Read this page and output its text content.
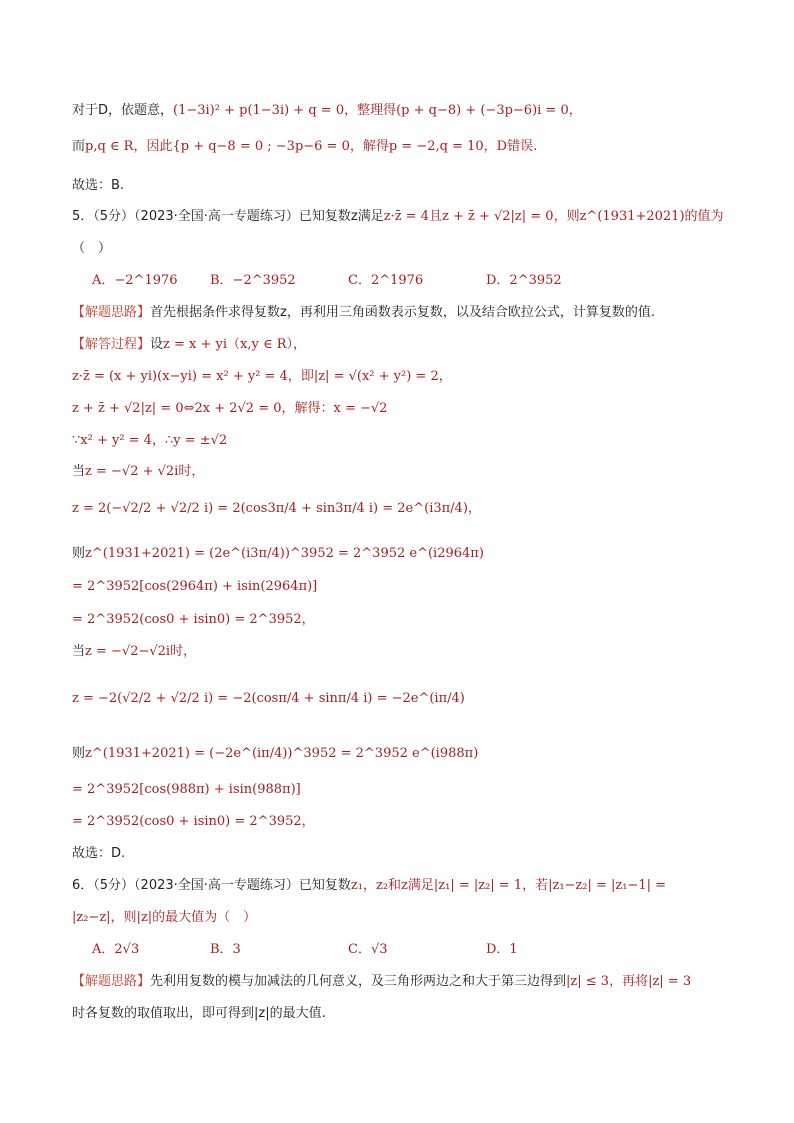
对于D，依题意，(1−3i)² + p(1−3i) + q = 0，整理得(p + q−8) + (−3p−6)i = 0，
而p,q ∈ R，因此{p + q−8 = 0 ; −3p−6 = 0，解得p = −2,q = 10，D错误.
故选：B.
5．（5分）（2023·全国·高一专题练习）已知复数z满足z·z̄ = 4且z + z̄ + √2|z| = 0，则z^(1931+2021)的值为
（　）
A．−2^1976 B．−2^3952	C．2^1976	D．2^3952
【解题思路】首先根据条件求得复数z，再利用三角函数表示复数，以及结合欧拉公式，计算复数的值.
【解答过程】设z = x + yi（x,y ∈ R），
z·z̄ = (x + yi)(x−yi) = x² + y² = 4，即|z| = √(x² + y²) = 2，
z + z̄ + √2|z| = 0⇔2x + 2√2 = 0，解得：x = −√2
∵x² + y² = 4，∴y = ±√2
当z = −√2 + √2i时，
z = 2(−√2/2 + √2/2 i) = 2(cos3π/4 + sin3π/4 i) = 2e^(i3π/4)，
则z^(1931+2021) = (2e^(i3π/4))^3952 = 2^3952 e^(i2964π)
= 2^3952[cos(2964π) + isin(2964π)]
= 2^3952(cos0 + isin0) = 2^3952，
当z = −√2−√2i时，
z = −2(√2/2 + √2/2 i) = −2(cosπ/4 + sinπ/4 i) = −2e^(iπ/4)
则z^(1931+2021) = (−2e^(iπ/4))^3952 = 2^3952 e^(i988π)
= 2^3952[cos(988π) + isin(988π)]
= 2^3952(cos0 + isin0) = 2^3952，
故选：D.
6．（5分）（2023·全国·高一专题练习）已知复数z₁，z₂和z满足|z₁| = |z₂| = 1，若|z₁−z₂| = |z₁−1| =
|z₂−z|，则|z|的最大值为（　）
A．2√3	B．3	C．√3	D．1
【解题思路】先利用复数的模与加减法的几何意义，及三角形两边之和大于第三边得到|z| ≤ 3，再将|z| = 3
时各复数的取值取出，即可得到|z|的最大值.
